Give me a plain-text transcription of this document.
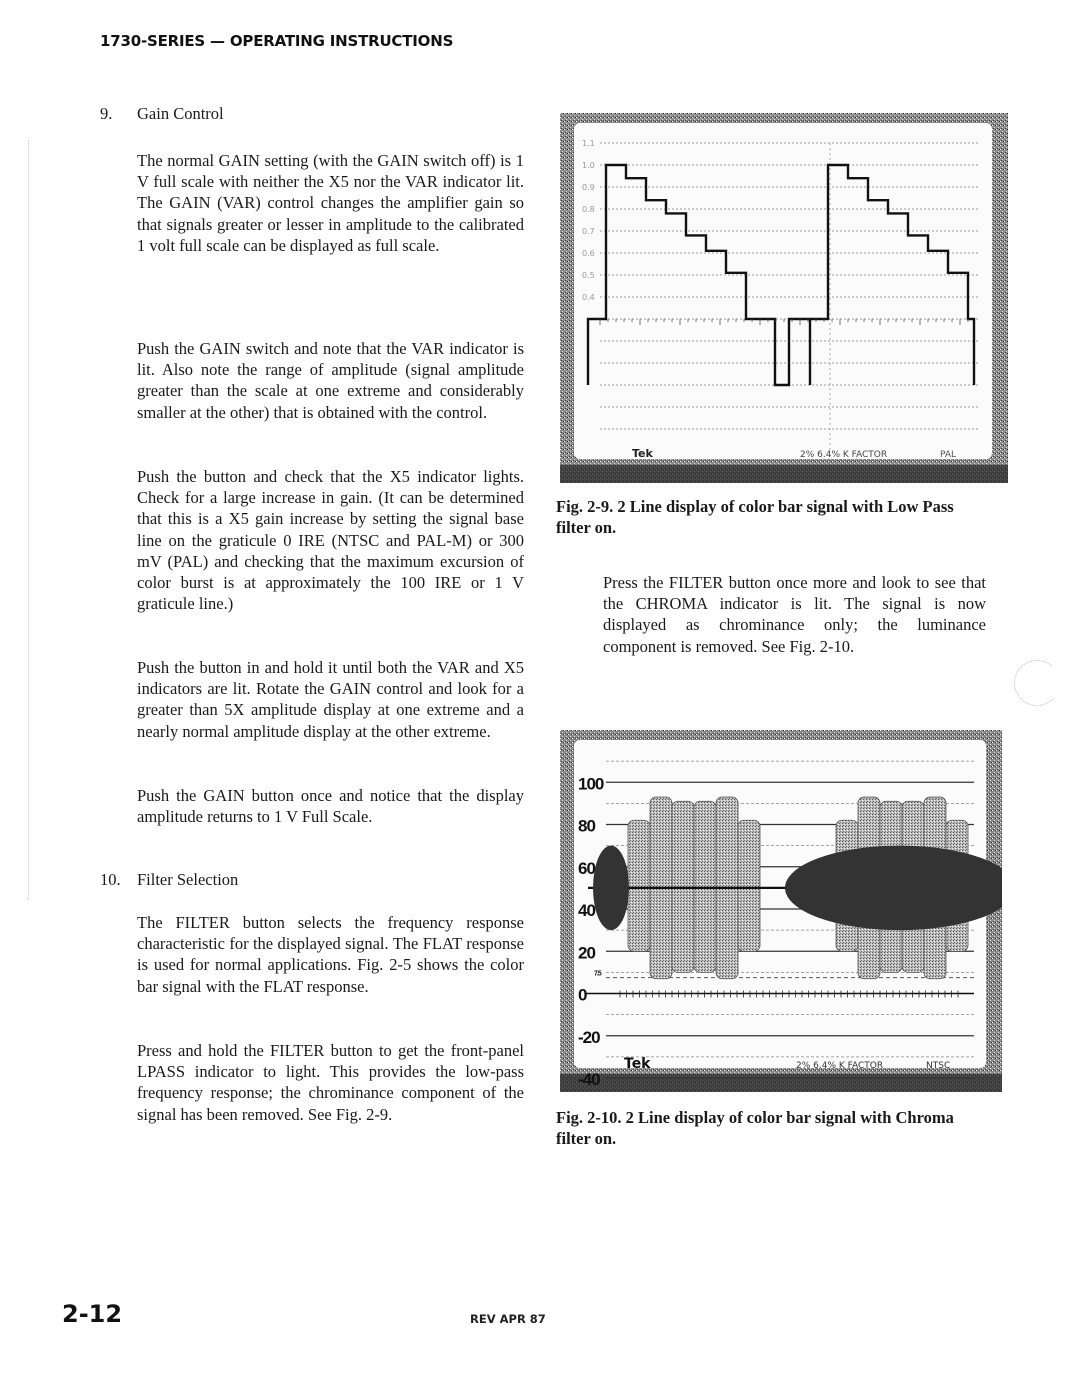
1730-SERIES — OPERATING INSTRUCTIONS
9. Gain Control
The normal GAIN setting (with the GAIN switch off) is 1 V full scale with neither the X5 nor the VAR indicator lit. The GAIN (VAR) control changes the amplifier gain so that signals greater or lesser in amplitude to the calibrated 1 volt full scale can be displayed as full scale.
Push the GAIN switch and note that the VAR indicator is lit. Also note the range of amplitude (signal amplitude greater than the scale at one extreme and considerably smaller at the other) that is obtained with the control.
Push the button and check that the X5 indicator lights. Check for a large increase in gain. (It can be determined that this is a X5 gain increase by setting the signal base line on the graticule 0 IRE (NTSC and PAL-M) or 300 mV (PAL) and checking that the maximum excursion of color burst is at approximately the 100 IRE or 1 V graticule line.)
Push the button in and hold it until both the VAR and X5 indicators are lit. Rotate the GAIN control and look for a greater than 5X amplitude display at one extreme and a nearly normal amplitude display at the other extreme.
Push the GAIN button once and notice that the display amplitude returns to 1 V Full Scale.
10. Filter Selection
The FILTER button selects the frequency response characteristic for the displayed signal. The FLAT response is used for normal applications. Fig. 2-5 shows the color bar signal with the FLAT response.
Press and hold the FILTER button to get the front-panel LPASS indicator to light. This provides the low-pass frequency response; the chrominance component of the signal has been removed. See Fig. 2-9.
1.1
1.0
0.9
0.8
0.7
0.6
0.5
0.4
Tek	2% 6.4% K FACTOR	PAL
Fig. 2-9. 2 Line display of color bar signal with Low Pass filter on.
Press the FILTER button once more and look to see that the CHROMA indicator is lit. The signal is now displayed as chrominance only; the luminance component is removed. See Fig. 2-10.
100
80
60
40
20
7.5
0
-20
-40
Tek	2% 6.4% K FACTOR	NTSC
Fig. 2-10. 2 Line display of color bar signal with Chroma filter on.
2-12	REV APR 87
